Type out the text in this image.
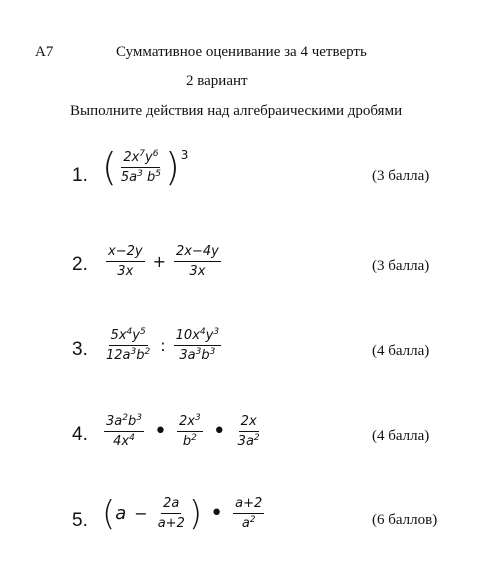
А7	Суммативное оценивание за 4 четверть
2 вариант
Выполните действия над алгебраическими дробями
1. ( $\frac{2x^7y^6}{5a^3 b^5}$ ) 3
(3 балла)
2. $\frac{x-2y}{3x} + \frac{2x-4y}{3x}$	(3 балла)
3. $\frac{5x^4y^5}{12a^3b^2}$ : $\frac{10x^4y^3}{3a^3b^3}$	(4 балла)
4. $\frac{3a^2b^3}{4x^4}$ • $\frac{2x^3}{b^2}$ • $\frac{2x}{3a^2}$	(4 балла)
5. ( $a - \frac{2a}{a+2}$ ) • $\frac{a+2}{a^2}$	(6 баллов)
